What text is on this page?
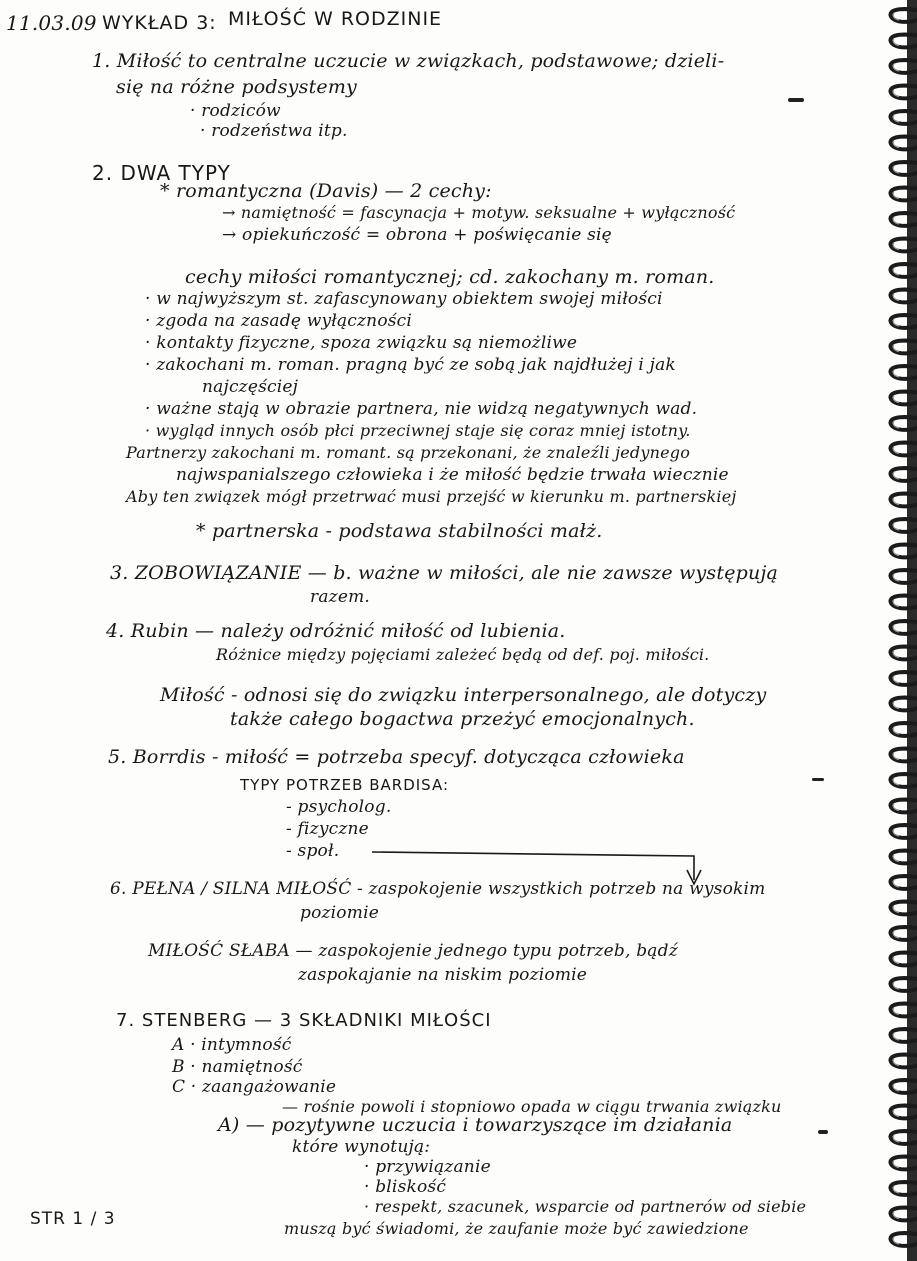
11.03.09 WYKŁAD 3: MIŁOŚĆ W RODZINIE
1. Miłość to centralne uczucie w związkach, podstawowe; dzieli-
się na różne podsystemy
· rodziców
· rodzeństwa itp.
2. DWA TYPY
* romantyczna (Davis) — 2 cechy:
→ namiętność = fascynacja + motyw. seksualne + wyłączność
→ opiekuńczość = obrona + poświęcanie się
cechy miłości romantycznej; cd. zakochany m. roman.
· w najwyższym st. zafascynowany obiektem swojej miłości
· zgoda na zasadę wyłączności
· kontakty fizyczne, spoza związku są niemożliwe
· zakochani m. roman. pragną być ze sobą jak najdłużej i jak
najczęściej
· ważne stają w obrazie partnera, nie widzą negatywnych wad.
· wygląd innych osób płci przeciwnej staje się coraz mniej istotny.
Partnerzy zakochani m. romant. są przekonani, że znaleźli jedynego
najwspanialszego człowieka i że miłość będzie trwała wiecznie
Aby ten związek mógł przetrwać musi przejść w kierunku m. partnerskiej
* partnerska - podstawa stabilności małż.
3. ZOBOWIĄZANIE — b. ważne w miłości, ale nie zawsze występują
razem.
4. Rubin — należy odróżnić miłość od lubienia.
Różnice między pojęciami zależeć będą od def. poj. miłości.
Miłość - odnosi się do związku interpersonalnego, ale dotyczy
także całego bogactwa przeżyć emocjonalnych.
5. Borrdis - miłość = potrzeba specyf. dotycząca człowieka
TYPY POTRZEB BARDISA:
- psycholog.
- fizyczne
- społ.
6. PEŁNA / SILNA MIŁOŚĆ - zaspokojenie wszystkich potrzeb na wysokim
poziomie
MIŁOŚĆ SŁABA — zaspokojenie jednego typu potrzeb, bądź
zaspokajanie na niskim poziomie
7. STENBERG — 3 SKŁADNIKI MIŁOŚCI
A · intymność
B · namiętność
C · zaangażowanie
— rośnie powoli i stopniowo opada w ciągu trwania związku
A) — pozytywne uczucia i towarzyszące im działania
które wynotują:
· przywiązanie
· bliskość
· respekt, szacunek, wsparcie od partnerów od siebie
muszą być świadomi, że zaufanie może być zawiedzione
STR 1 / 3
